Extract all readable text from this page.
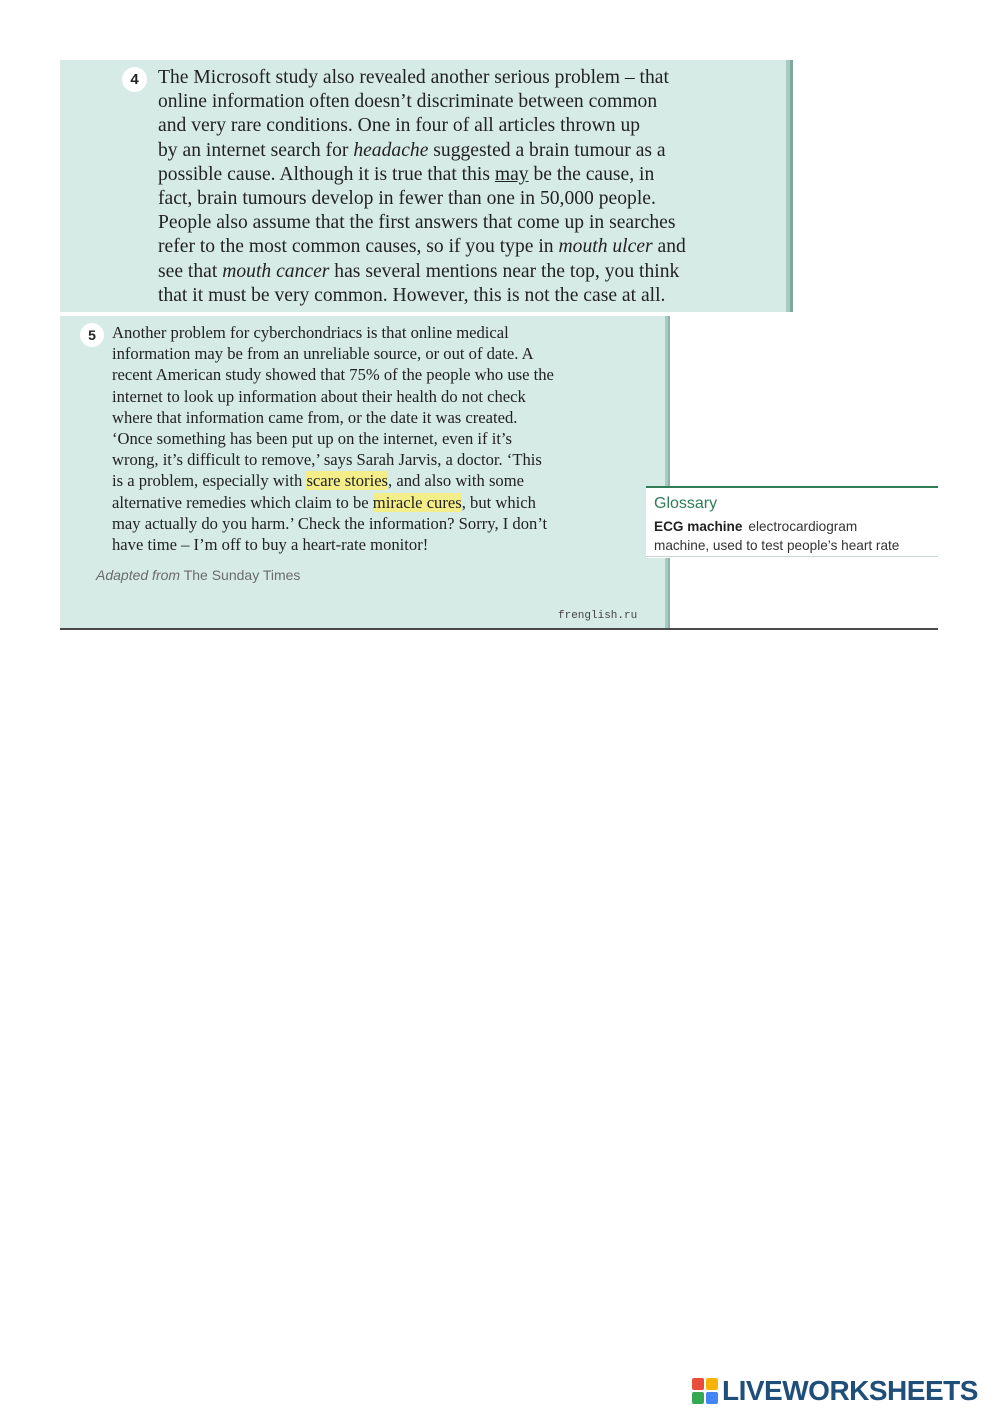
4 The Microsoft study also revealed another serious problem – that
online information often doesn’t discriminate between common
and very rare conditions. One in four of all articles thrown up
by an internet search for headache suggested a brain tumour as a
possible cause. Although it is true that this may be the cause, in
fact, brain tumours develop in fewer than one in 50,000 people.
People also assume that the first answers that come up in searches
refer to the most common causes, so if you type in mouth ulcer and
see that mouth cancer has several mentions near the top, you think
that it must be very common. However, this is not the case at all.

5 Another problem for cyberchondriacs is that online medical
information may be from an unreliable source, or out of date. A
recent American study showed that 75% of the people who use the
internet to look up information about their health do not check
where that information came from, or the date it was created.
‘Once something has been put up on the internet, even if it’s
wrong, it’s difficult to remove,’ says Sarah Jarvis, a doctor. ‘This
is a problem, especially with scare stories, and also with some
alternative remedies which claim to be miracle cures, but which
may actually do you harm.’ Check the information? Sorry, I don’t
have time – I’m off to buy a heart-rate monitor!

Adapted from The Sunday Times
frenglish.ru
Glossary
ECG machine electrocardiogram
machine, used to test people’s heart rate
LIVEWORKSHEETS
